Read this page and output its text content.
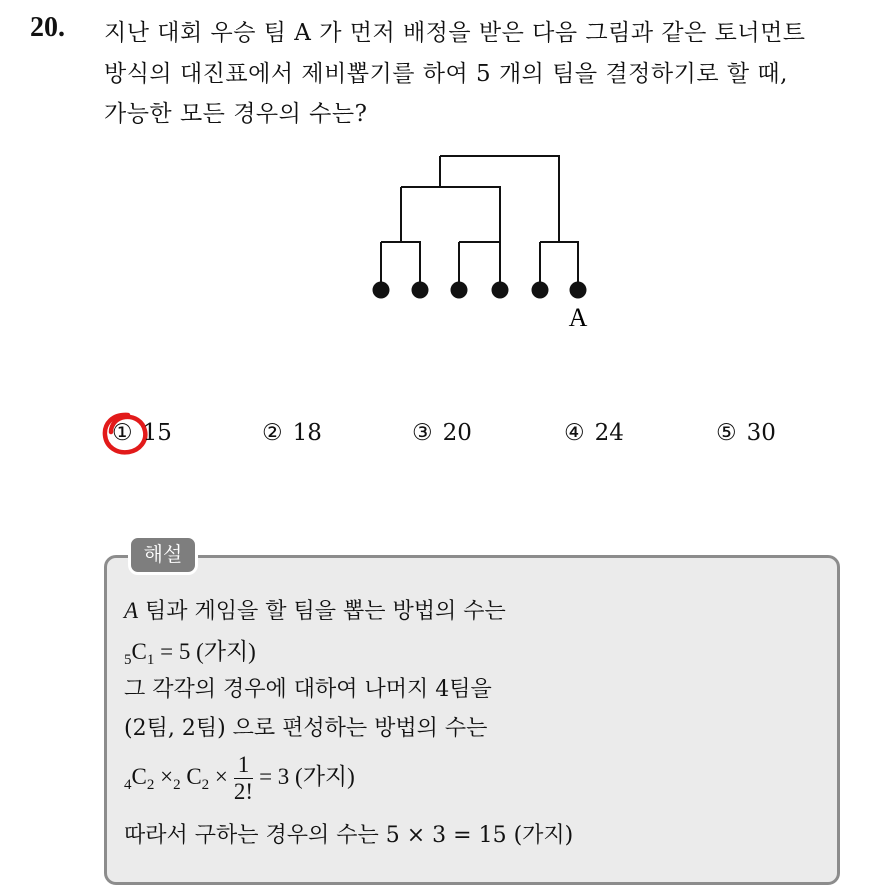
20. 지난 대회 우승 팀 A 가 먼저 배정을 받은 다음 그림과 같은 토너먼트
방식의 대진표에서 제비뽑기를 하여 5 개의 팀을 결정하기로 할 때,
가능한 모든 경우의 수는?
A
① 15	② 18	③ 20	④ 24	⑤ 30
해설
A 팀과 게임을 할 팀을 뽑는 방법의 수는
$_5C_1 = 5$ (가지)
그 각각의 경우에 대하여 나머지 4팀을
(2팀, 2팀) 으로 편성하는 방법의 수는
$_4C_2 \times_2$ $C_2 \times \frac{1}{2!} = 3$ (가지)
따라서 구하는 경우의 수는 5 × 3 = 15 (가지)
